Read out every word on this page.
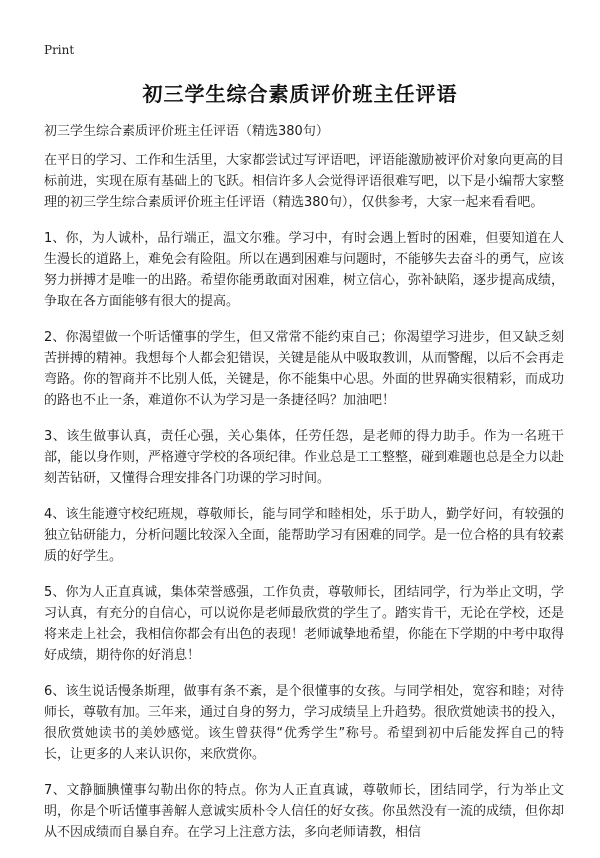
Print
初三学生综合素质评价班主任评语
初三学生综合素质评价班主任评语（精选380句）

在平日的学习、工作和生活里，大家都尝试过写评语吧，评语能激励被评价对象向更高的目标前进，实现在原有基础上的飞跃。相信许多人会觉得评语很难写吧，以下是小编帮大家整理的初三学生综合素质评价班主任评语（精选380句），仅供参考，大家一起来看看吧。

1、你，为人诚朴，品行端正，温文尔雅。学习中，有时会遇上暂时的困难，但要知道在人生漫长的道路上，难免会有险阻。所以在遇到困难与问题时，不能够失去奋斗的勇气，应该努力拼搏才是唯一的出路。希望你能勇敢面对困难，树立信心，弥补缺陷，逐步提高成绩，争取在各方面能够有很大的提高。

2、你渴望做一个听话懂事的学生，但又常常不能约束自己；你渴望学习进步，但又缺乏刻苦拼搏的精神。我想每个人都会犯错误，关键是能从中吸取教训，从而警醒，以后不会再走弯路。你的智商并不比别人低，关键是，你不能集中心思。外面的世界确实很精彩，而成功的路也不止一条，难道你不认为学习是一条捷径吗？加油吧！

3、该生做事认真，责任心强，关心集体，任劳任怨，是老师的得力助手。作为一名班干部，能以身作则，严格遵守学校的各项纪律。作业总是工工整整，碰到难题也总是全力以赴刻苦钻研，又懂得合理安排各门功课的学习时间。

4、该生能遵守校纪班规，尊敬师长，能与同学和睦相处，乐于助人，勤学好问，有较强的独立钻研能力，分析问题比较深入全面，能帮助学习有困难的同学。是一位合格的具有较素质的好学生。

5、你为人正直真诚，集体荣誉感强，工作负责，尊敬师长，团结同学，行为举止文明，学习认真，有充分的自信心，可以说你是老师最欣赏的学生了。踏实肯干，无论在学校，还是将来走上社会，我相信你都会有出色的表现！老师诚挚地希望，你能在下学期的中考中取得好成绩，期待你的好消息！

6、该生说话慢条斯理，做事有条不紊，是个很懂事的女孩。与同学相处，宽容和睦；对待师长，尊敬有加。三年来，通过自身的努力，学习成绩呈上升趋势。很欣赏她读书的投入，很欣赏她读书的美妙感觉。该生曾获得“优秀学生”称号。希望到初中后能发挥自己的特长，让更多的人来认识你，来欣赏你。

7、文静腼腆懂事勾勒出你的特点。你为人正直真诚，尊敬师长，团结同学，行为举止文明，你是个听话懂事善解人意诚实质朴令人信任的好女孩。你虽然没有一流的成绩，但你却从不因成绩而自暴自弃。在学习上注意方法，多向老师请教，相信
